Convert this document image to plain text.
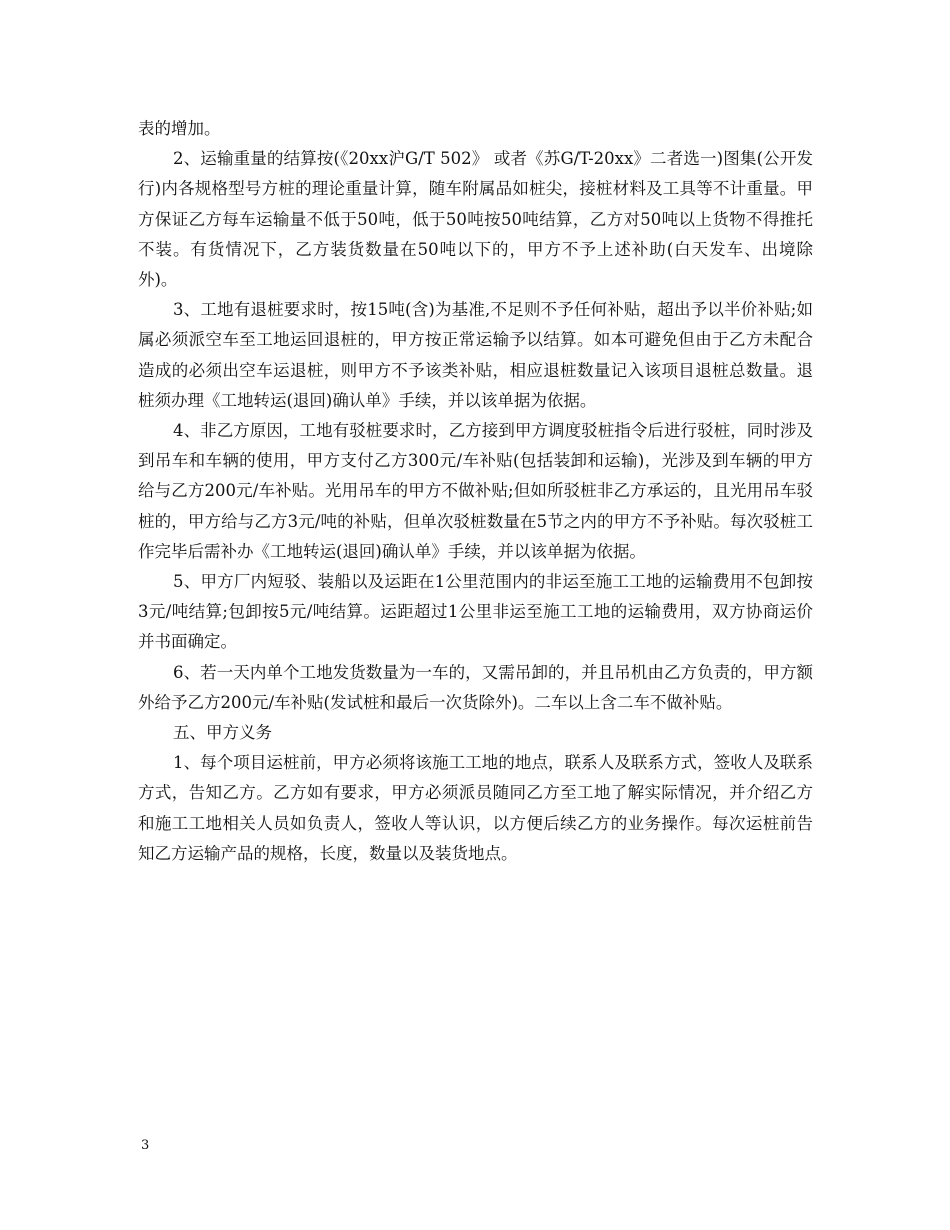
表的增加。

2、运输重量的结算按(《20xx沪G/T 502》 或者《苏G/T-20xx》二者选一)图集(公开发行)内各规格型号方桩的理论重量计算，随车附属品如桩尖，接桩材料及工具等不计重量。甲方保证乙方每车运输量不低于50吨，低于50吨按50吨结算，乙方对50吨以上货物不得推托不装。有货情况下，乙方装货数量在50吨以下的，甲方不予上述补助(白天发车、出境除外)。

3、工地有退桩要求时，按15吨(含)为基准,不足则不予任何补贴，超出予以半价补贴;如属必须派空车至工地运回退桩的，甲方按正常运输予以结算。如本可避免但由于乙方未配合造成的必须出空车运退桩，则甲方不予该类补贴，相应退桩数量记入该项目退桩总数量。退桩须办理《工地转运(退回)确认单》手续，并以该单据为依据。

4、非乙方原因，工地有驳桩要求时，乙方接到甲方调度驳桩指令后进行驳桩，同时涉及到吊车和车辆的使用，甲方支付乙方300元/车补贴(包括装卸和运输)，光涉及到车辆的甲方给与乙方200元/车补贴。光用吊车的甲方不做补贴;但如所驳桩非乙方承运的，且光用吊车驳桩的，甲方给与乙方3元/吨的补贴，但单次驳桩数量在5节之内的甲方不予补贴。每次驳桩工作完毕后需补办《工地转运(退回)确认单》手续，并以该单据为依据。

5、甲方厂内短驳、装船以及运距在1公里范围内的非运至施工工地的运输费用不包卸按3元/吨结算;包卸按5元/吨结算。运距超过1公里非运至施工工地的运输费用，双方协商运价并书面确定。

6、若一天内单个工地发货数量为一车的，又需吊卸的，并且吊机由乙方负责的，甲方额外给予乙方200元/车补贴(发试桩和最后一次货除外)。二车以上含二车不做补贴。

五、甲方义务

1、每个项目运桩前，甲方必须将该施工工地的地点，联系人及联系方式，签收人及联系方式，告知乙方。乙方如有要求，甲方必须派员随同乙方至工地了解实际情况，并介绍乙方和施工工地相关人员如负责人，签收人等认识，以方便后续乙方的业务操作。每次运桩前告知乙方运输产品的规格，长度，数量以及装货地点。

3
